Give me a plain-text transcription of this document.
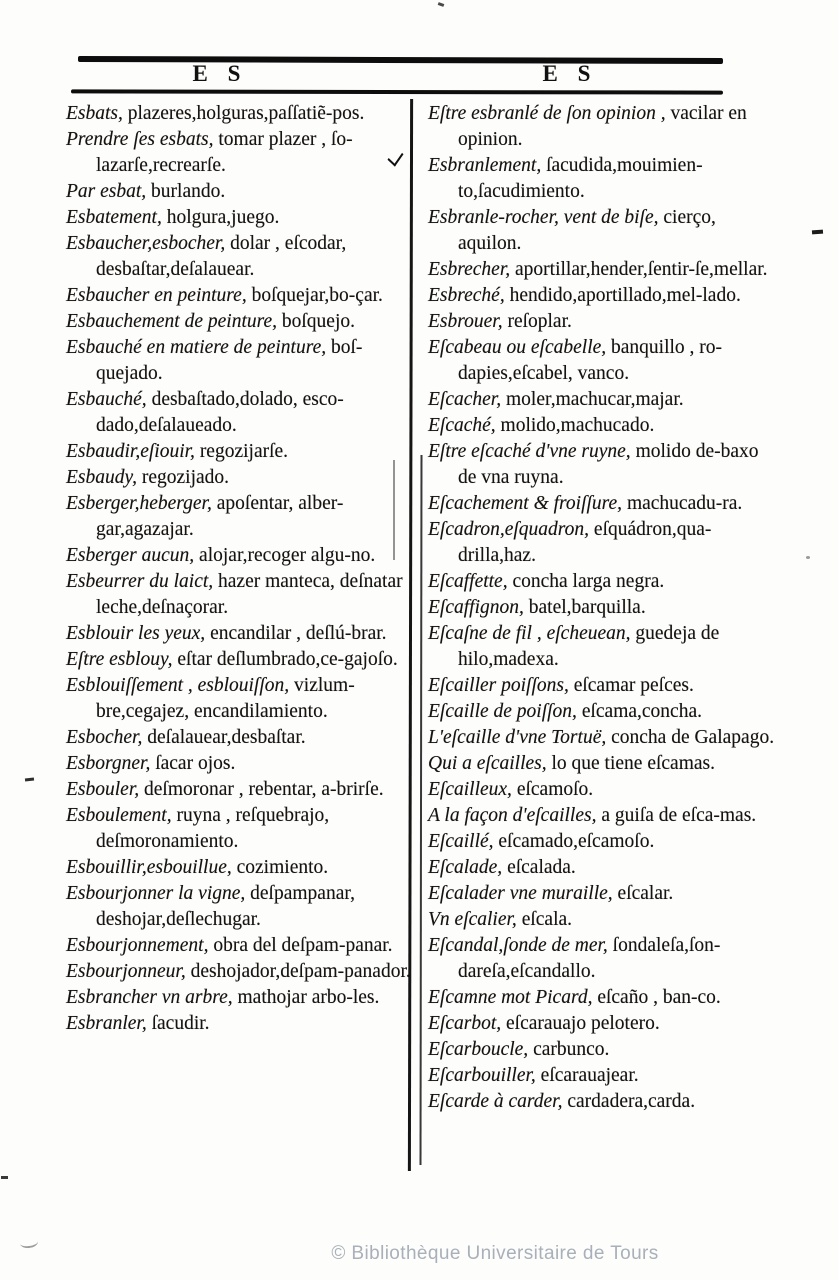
E S	E S
Esbats, plazeres,holguras,paſſatiẽ-pos.
Prendre ſes esbats, tomar plazer , ſo-lazarſe,recrearſe.
Par esbat, burlando.
Esbatement, holgura,juego.
Esbaucher,esbocher, dolar , eſcodar, desbaſtar,deſalauear.
Esbaucher en peinture, boſquejar,bo-çar.
Esbauchement de peinture, boſquejo.
Esbauché en matiere de peinture, boſ-quejado.
Esbauché, desbaſtado,dolado, esco-dado,deſalaueado.
Esbaudir,eſiouir, regozijarſe.
Esbaudy, regozijado.
Esberger,heberger, apoſentar, alber-gar,agazajar.
Esberger aucun, alojar,recoger algu-no.
Esbeurrer du laict, hazer manteca, deſnatar leche,deſnaçorar.
Esblouir les yeux, encandilar , deſlú-brar.
Eſtre esblouy, eſtar deſlumbrado,ce-gajoſo.
Esblouiſſement , esblouiſſon, vizlum-bre,cegajez, encandilamiento.
Esbocher, deſalauear,desbaſtar.
Esborgner, ſacar ojos.
Esbouler, deſmoronar , rebentar, a-brirſe.
Esboulement, ruyna , reſquebrajo, deſmoronamiento.
Esbouillir,esbouillue, cozimiento.
Esbourjonner la vigne, deſpampanar, deshojar,deſlechugar.
Esbourjonnement, obra del deſpam-panar.
Esbourjonneur, deshojador,deſpam-panador.
Esbrancher vn arbre, mathojar arbo-les.
Esbranler, ſacudir.
Eſtre esbranlé de ſon opinion , vacilar en opinion.
Esbranlement, ſacudida,mouimien-to,ſacudimiento.
Esbranle-rocher, vent de biſe, cierço, aquilon.
Esbrecher, aportillar,hender,ſentir-ſe,mellar.
Esbreché, hendido,aportillado,mel-lado.
Esbrouer, reſoplar.
Eſcabeau ou eſcabelle, banquillo , ro-dapies,eſcabel, vanco.
Eſcacher, moler,machucar,majar.
Eſcaché, molido,machucado.
Eſtre eſcaché d'vne ruyne, molido de-baxo de vna ruyna.
Eſcachement & froiſſure, machucadu-ra.
Eſcadron,eſquadron, eſquádron,qua-drilla,haz.
Eſcaffette, concha larga negra.
Eſcaffignon, batel,barquilla.
Eſcaſne de fil , eſcheuean, guedeja de hilo,madexa.
Eſcailler poiſſons, eſcamar peſces.
Eſcaille de poiſſon, eſcama,concha.
L'eſcaille d'vne Tortuë, concha de Galapago.
Qui a eſcailles, lo que tiene eſcamas.
Eſcailleux, eſcamoſo.
A la façon d'eſcailles, a guiſa de eſca-mas.
Eſcaillé, eſcamado,eſcamoſo.
Eſcalade, eſcalada.
Eſcalader vne muraille, eſcalar.
Vn eſcalier, eſcala.
Eſcandal,ſonde de mer, ſondaleſa,ſon-dareſa,eſcandallo.
Eſcamne mot Picard, eſcaño , ban-co.
Eſcarbot, eſcarauajo pelotero.
Eſcarboucle, carbunco.
Eſcarbouiller, eſcarauajear.
Eſcarde à carder, cardadera,carda.
© Bibliothèque Universitaire de Tours
